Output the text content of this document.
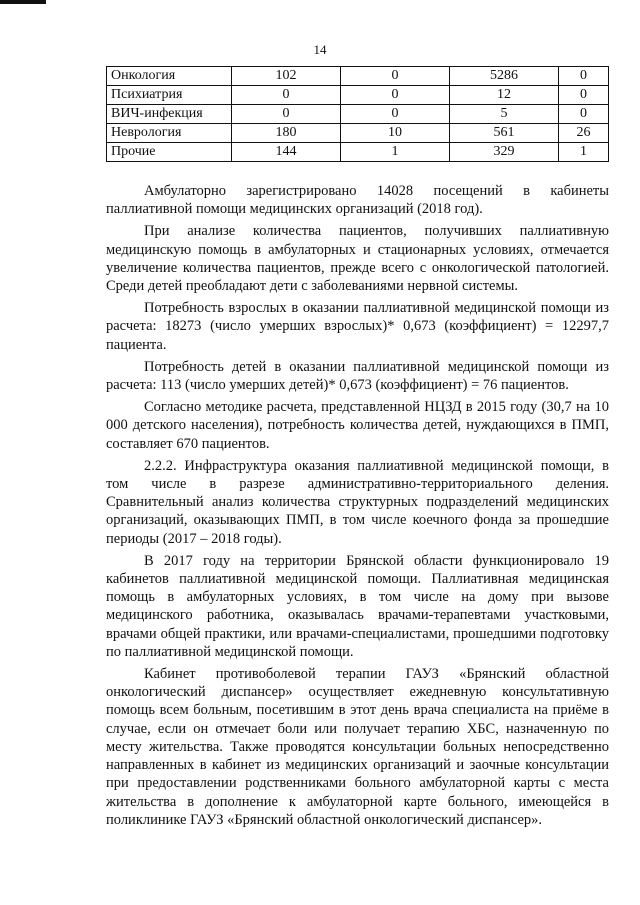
14
Онкология	102	0	5286	0
Психиатрия	0	0	12	0
ВИЧ-инфекция	0	0	5	0
Неврология	180	10	561	26
Прочие	144	1	329	1

Амбулаторно зарегистрировано 14028 посещений в кабинеты паллиативной помощи медицинских организаций (2018 год).

При анализе количества пациентов, получивших паллиативную медицинскую помощь в амбулаторных и стационарных условиях, отмечается увеличение количества пациентов, прежде всего с онкологической патологией. Среди детей преобладают дети с заболеваниями нервной системы.

Потребность взрослых в оказании паллиативной медицинской помощи из расчета: 18273 (число умерших взрослых)* 0,673 (коэффициент) = 12297,7 пациента.

Потребность детей в оказании паллиативной медицинской помощи из расчета: 113 (число умерших детей)* 0,673 (коэффициент) = 76 пациентов.

Согласно методике расчета, представленной НЦЗД в 2015 году (30,7 на 10 000 детского населения), потребность количества детей, нуждающихся в ПМП, составляет 670 пациентов.

2.2.2. Инфраструктура оказания паллиативной медицинской помощи, в том числе в разрезе административно-территориального деления. Сравнительный анализ количества структурных подразделений медицинских организаций, оказывающих ПМП, в том числе коечного фонда за прошедшие периоды (2017 – 2018 годы).

В 2017 году на территории Брянской области функционировало 19 кабинетов паллиативной медицинской помощи. Паллиативная медицинская помощь в амбулаторных условиях, в том числе на дому при вызове медицинского работника, оказывалась врачами-терапевтами участковыми, врачами общей практики, или врачами-специалистами, прошедшими подготовку по паллиативной медицинской помощи.

Кабинет противоболевой терапии ГАУЗ «Брянский областной онкологический диспансер» осуществляет ежедневную консультативную помощь всем больным, посетившим в этот день врача специалиста на приёме в случае, если он отмечает боли или получает терапию ХБС, назначенную по месту жительства. Также проводятся консультации больных непосредственно направленных в кабинет из медицинских организаций и заочные консультации при предоставлении родственниками больного амбулаторной карты с места жительства в дополнение к амбулаторной карте больного, имеющейся в поликлинике ГАУЗ «Брянский областной онкологический диспансер».
